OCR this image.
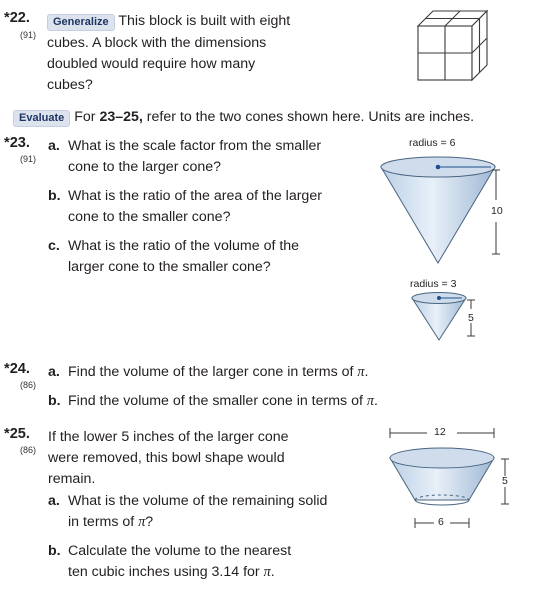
*22.
(91)
Generalize This block is built with eight
cubes. A block with the dimensions
doubled would require how many
cubes?
Evaluate For 23–25, refer to the two cones shown here. Units are inches.
*23.
(91)
a. What is the scale factor from the smaller
cone to the larger cone?
b. What is the ratio of the area of the larger
cone to the smaller cone?
c. What is the ratio of the volume of the
larger cone to the smaller cone?
radius = 6
10
radius = 3
5
*24.
(86)
a. Find the volume of the larger cone in terms of π.
b. Find the volume of the smaller cone in terms of π.
*25.
(86)
If the lower 5 inches of the larger cone
were removed, this bowl shape would
remain.
a. What is the volume of the remaining solid
in terms of π?
b. Calculate the volume to the nearest
ten cubic inches using 3.14 for π.
12
5
6
